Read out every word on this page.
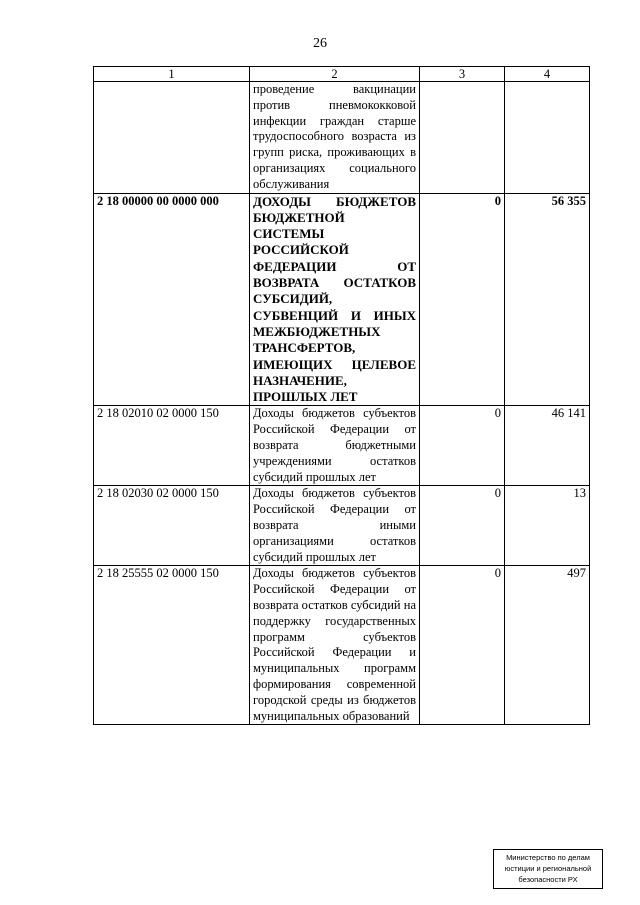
26
1	2	3	4
	проведение вакцинации против пневмококковой инфекции граждан старше трудоспособного возраста из групп риска, проживающих в организациях социального обслуживания		
2 18 00000 00 0000 000	ДОХОДЫ БЮДЖЕТОВ БЮДЖЕТНОЙ СИСТЕМЫ РОССИЙСКОЙ ФЕДЕРАЦИИ ОТ ВОЗВРАТА ОСТАТКОВ СУБСИДИЙ, СУБВЕНЦИЙ И ИНЫХ МЕЖБЮДЖЕТНЫХ ТРАНСФЕРТОВ, ИМЕЮЩИХ ЦЕЛЕВОЕ НАЗНАЧЕНИЕ, ПРОШЛЫХ ЛЕТ	0	56 355
2 18 02010 02 0000 150	Доходы бюджетов субъектов Российской Федерации от возврата бюджетными учреждениями остатков субсидий прошлых лет	0	46 141
2 18 02030 02 0000 150	Доходы бюджетов субъектов Российской Федерации от возврата иными организациями остатков субсидий прошлых лет	0	13
2 18 25555 02 0000 150	Доходы бюджетов субъектов Российской Федерации от возврата остатков субсидий на поддержку государственных программ субъектов Российской Федерации и муниципальных программ формирования современной городской среды из бюджетов муниципальных образований	0	497
Министерство по делам
юстиции и региональной
безопасности РХ
